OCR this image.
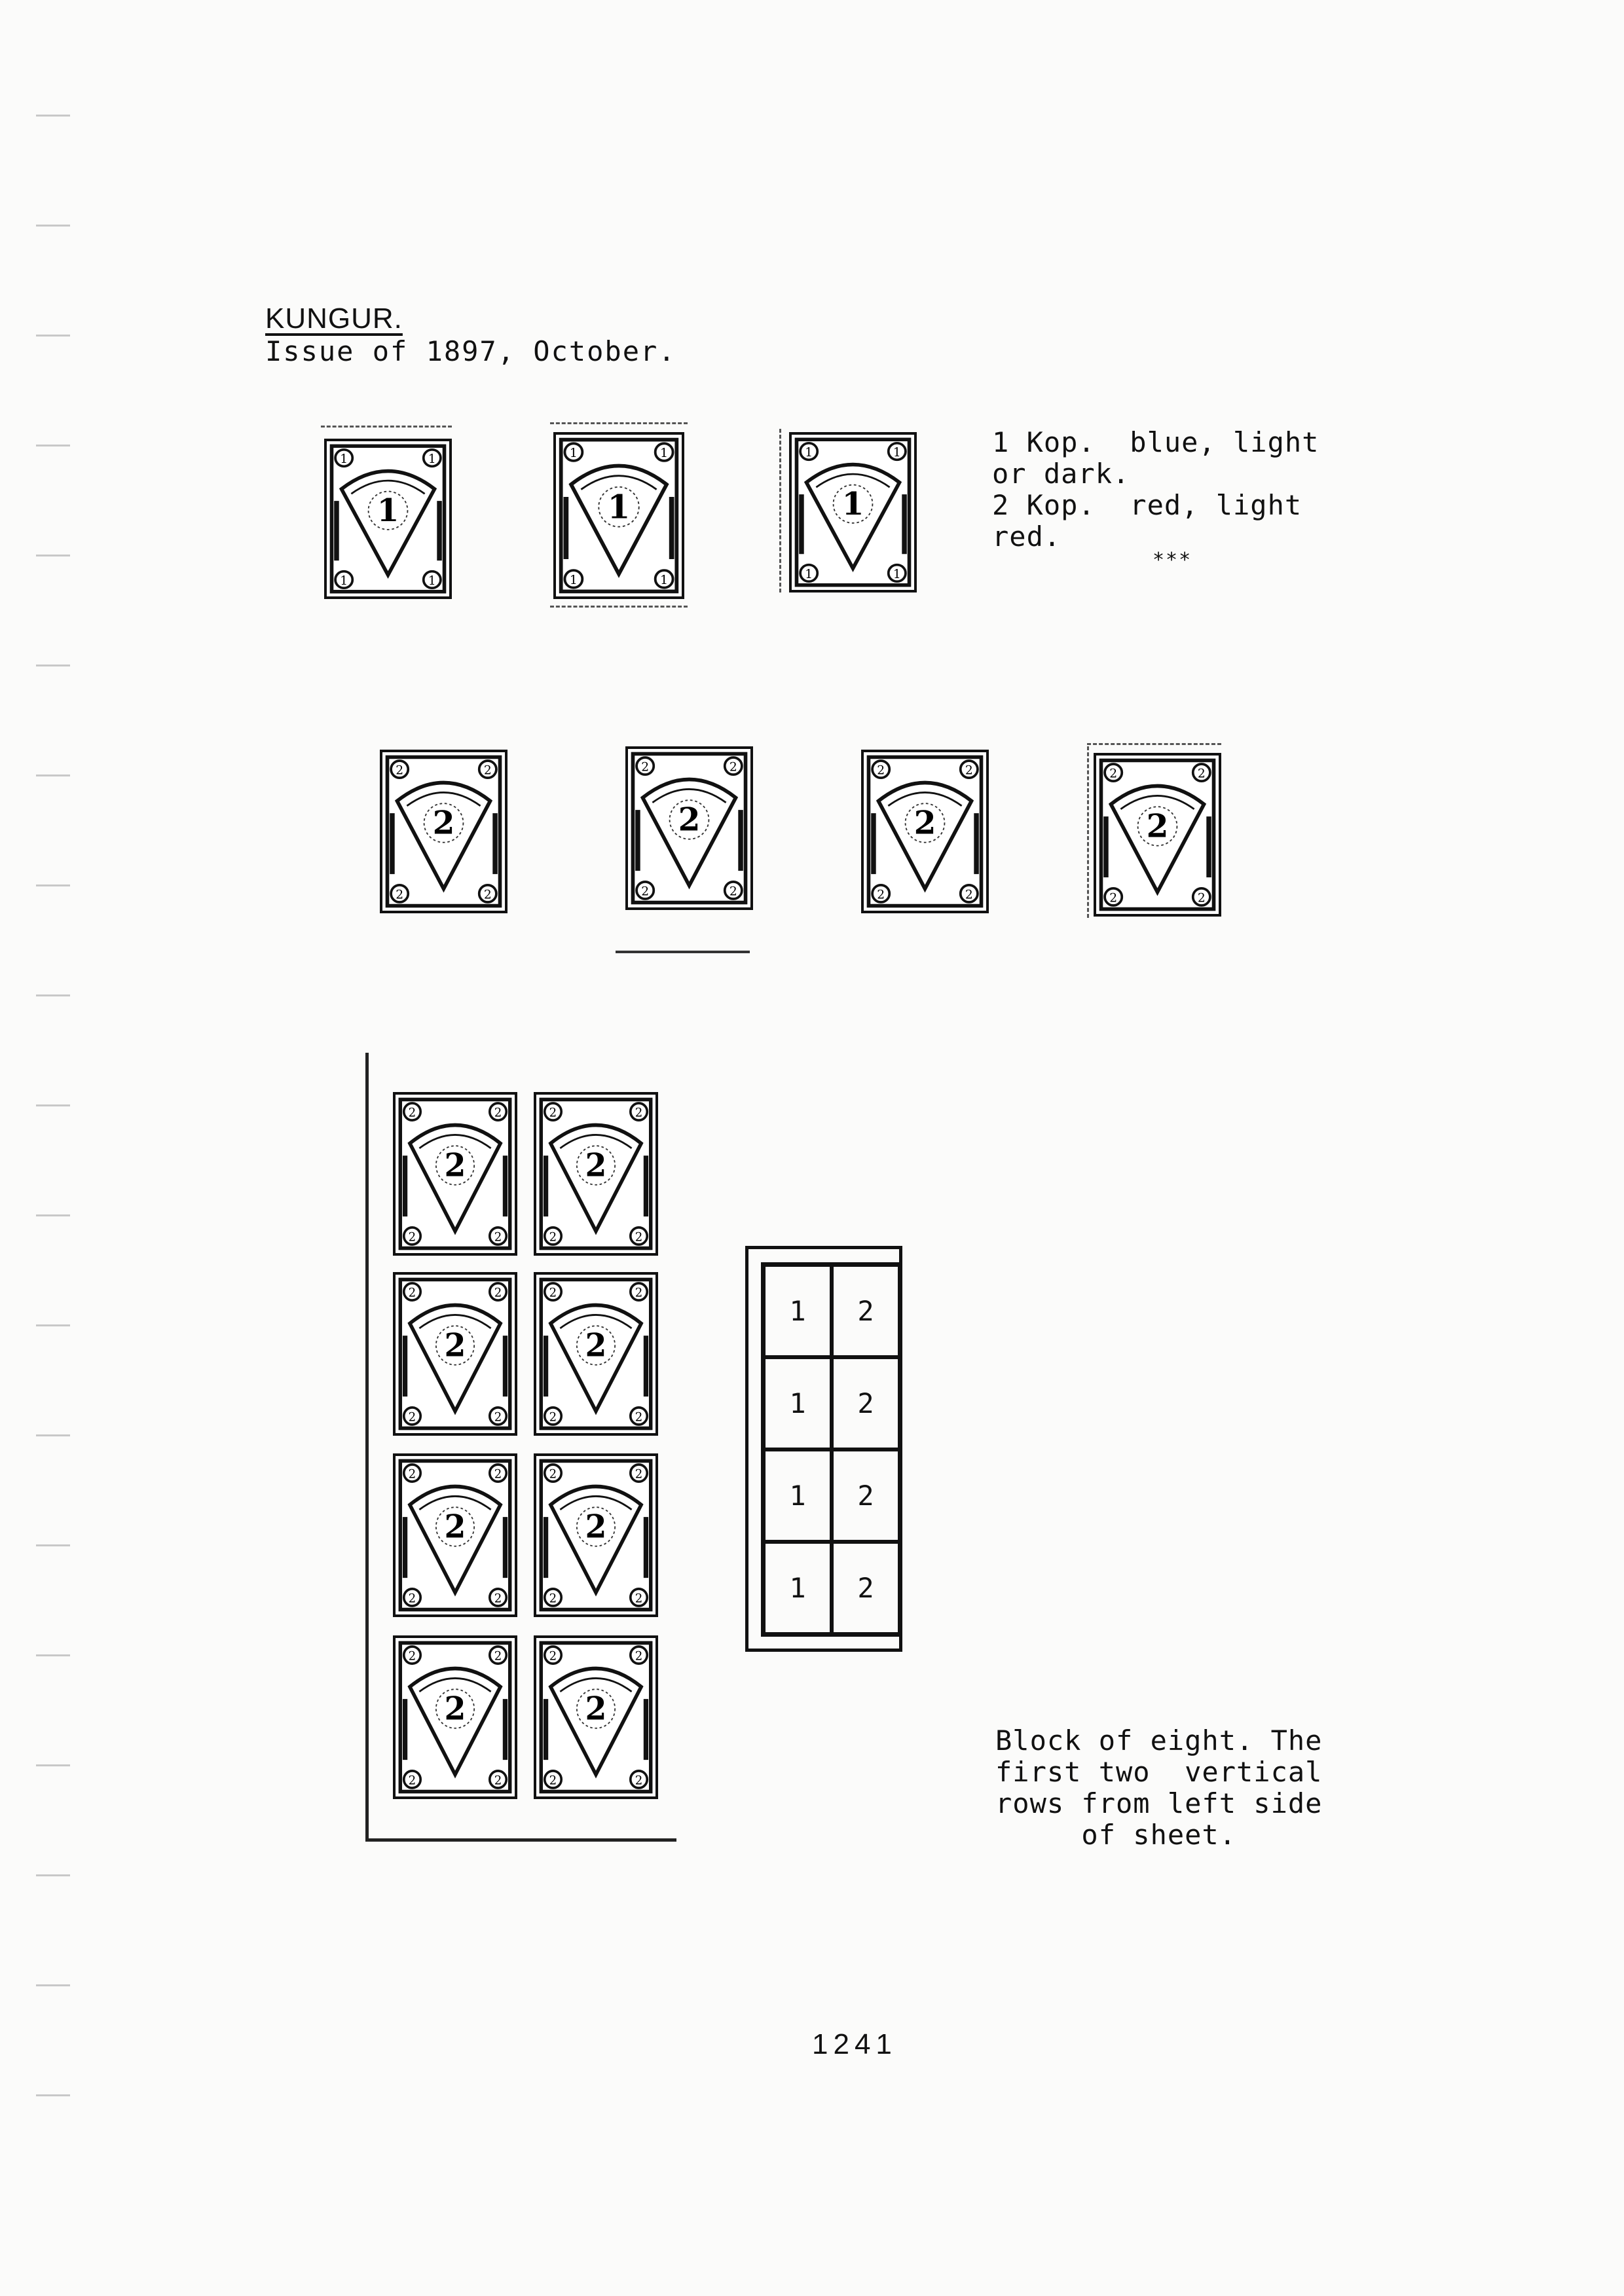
KUNGUR.
Issue of 1897, October.
1	1
1	1
1
1	1
1	1
1
1	1
1	1
1
1 Kop.  blue, light
or dark.
2 Kop.  red, light
red.
***
2	2
2	2
2
2	2
2	2
2
2	2
2	2
2
2	2
2	2
2
2	2
2	2
2
2	2
2	2
2
2	2
2	2
2
2	2
2	2
2
2	2
2	2
2
2	2
2	2
2
2	2
2	2
2
2	2
2	2
2
1	2
1	2
1	2
1	2
Block of eight. The
first two  vertical
rows from left side
of sheet.
1241
